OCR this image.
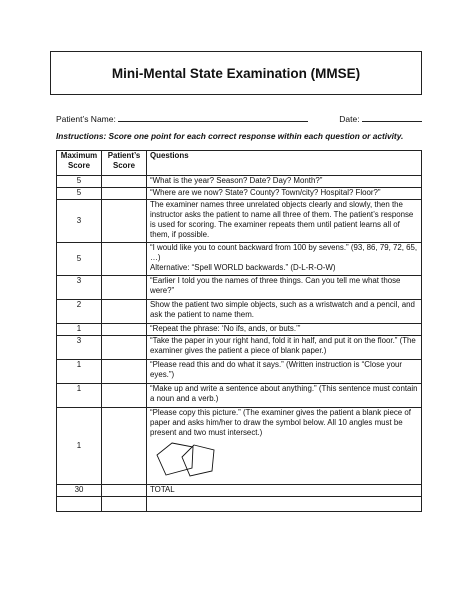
Mini-Mental State Examination (MMSE)
Patient’s Name:	Date:
Instructions: Score one point for each correct response within each question or activity.
Maximum Score	Patient’s Score	Questions
5		“What is the year? Season? Date? Day? Month?”
5		“Where are we now? State? County? Town/city? Hospital? Floor?”
3		The examiner names three unrelated objects clearly and slowly, then the instructor asks the patient to name all three of them. The patient’s response is used for scoring. The examiner repeats them until patient learns all of them, if possible.
5		“I would like you to count backward from 100 by sevens.” (93, 86, 79, 72, 65, …)
Alternative: “Spell WORLD backwards.” (D-L-R-O-W)
3		“Earlier I told you the names of three things. Can you tell me what those were?”
2		Show the patient two simple objects, such as a wristwatch and a pencil, and ask the patient to name them.
1		“Repeat the phrase: ‘No ifs, ands, or buts.’”
3		“Take the paper in your right hand, fold it in half, and put it on the floor.” (The examiner gives the patient a piece of blank paper.)
1		“Please read this and do what it says.” (Written instruction is “Close your eyes.”)
1		“Make up and write a sentence about anything.” (This sentence must contain a noun and a verb.)
1		“Please copy this picture.” (The examiner gives the patient a blank piece of paper and asks him/her to draw the symbol below. All 10 angles must be present and two must intersect.)

30		TOTAL
